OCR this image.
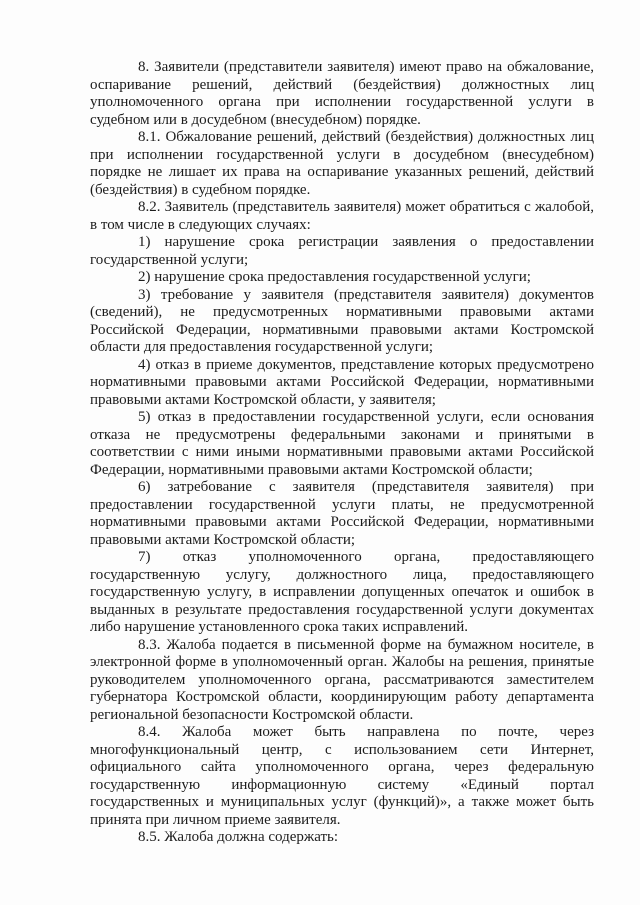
8. Заявители (представители заявителя) имеют право на обжалование,
оспаривание решений, действий (бездействия) должностных лиц
уполномоченного органа при исполнении государственной услуги в
судебном или в досудебном (внесудебном) порядке.
8.1. Обжалование решений, действий (бездействия) должностных лиц
при исполнении государственной услуги в досудебном (внесудебном)
порядке не лишает их права на оспаривание указанных решений, действий
(бездействия) в судебном порядке.
8.2. Заявитель (представитель заявителя) может обратиться с жалобой,
в том числе в следующих случаях:
1) нарушение срока регистрации заявления о предоставлении
государственной услуги;
2) нарушение срока предоставления государственной услуги;
3) требование у заявителя (представителя заявителя) документов
(сведений), не предусмотренных нормативными правовыми актами
Российской Федерации, нормативными правовыми актами Костромской
области для предоставления государственной услуги;
4) отказ в приеме документов, представление которых предусмотрено
нормативными правовыми актами Российской Федерации, нормативными
правовыми актами Костромской области, у заявителя;
5) отказ в предоставлении государственной услуги, если основания
отказа не предусмотрены федеральными законами и принятыми в
соответствии с ними иными нормативными правовыми актами Российской
Федерации, нормативными правовыми актами Костромской области;
6) затребование с заявителя (представителя заявителя) при
предоставлении государственной услуги платы, не предусмотренной
нормативными правовыми актами Российской Федерации, нормативными
правовыми актами Костромской области;
7) отказ уполномоченного органа, предоставляющего
государственную услугу, должностного лица, предоставляющего
государственную услугу, в исправлении допущенных опечаток и ошибок в
выданных в результате предоставления государственной услуги документах
либо нарушение установленного срока таких исправлений.
8.3. Жалоба подается в письменной форме на бумажном носителе, в
электронной форме в уполномоченный орган. Жалобы на решения, принятые
руководителем уполномоченного органа, рассматриваются заместителем
губернатора Костромской области, координирующим работу департамента
региональной безопасности Костромской области.
8.4. Жалоба может быть направлена по почте, через
многофункциональный центр, с использованием сети Интернет,
официального сайта уполномоченного органа, через федеральную
государственную информационную систему «Единый портал
государственных и муниципальных услуг (функций)», а также может быть
принята при личном приеме заявителя.
8.5. Жалоба должна содержать:
